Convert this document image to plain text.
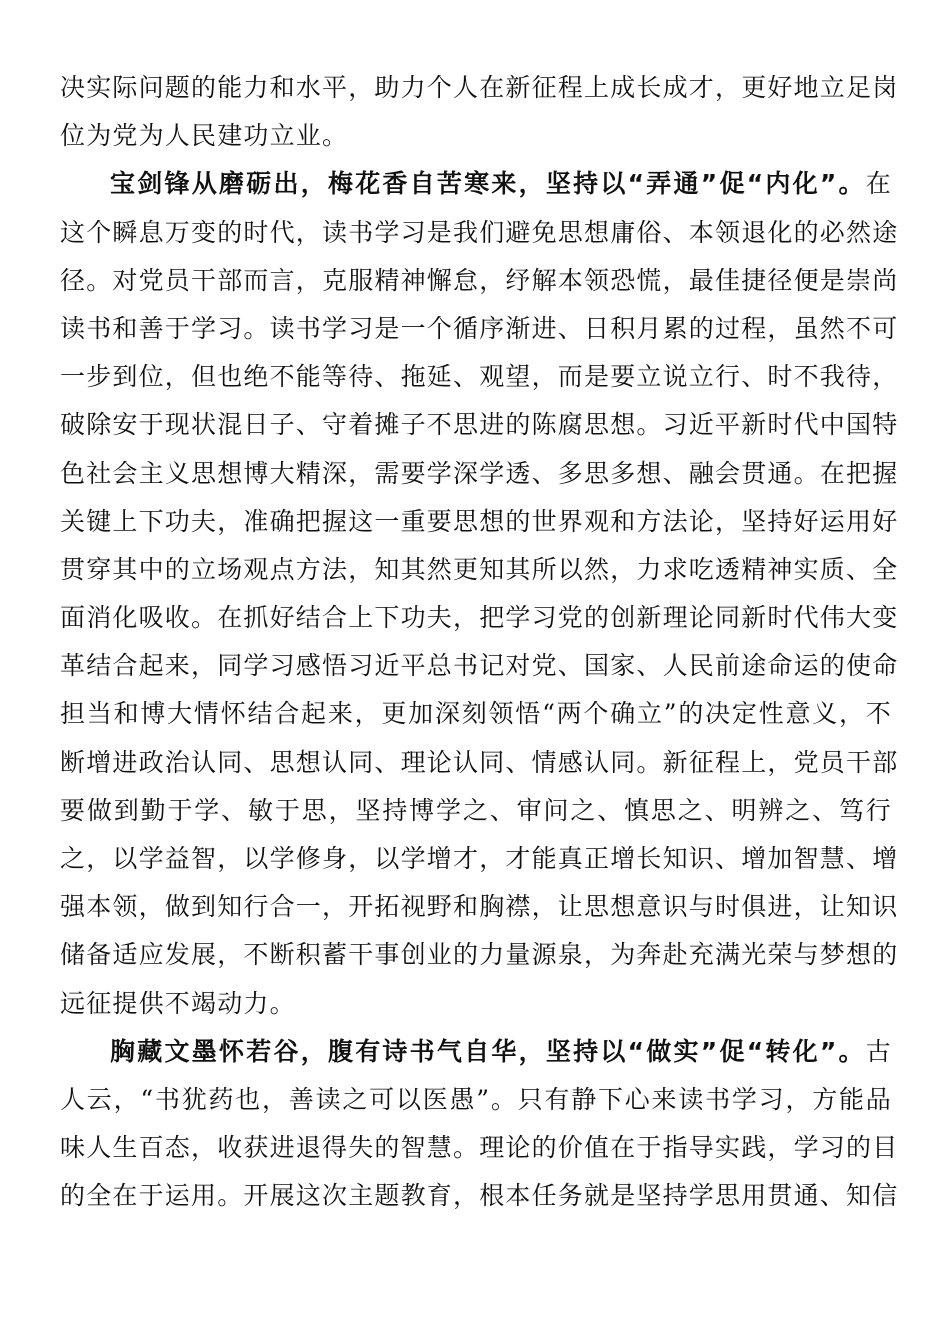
决实际问题的能力和水平，助力个人在新征程上成长成才，更好地立足岗
位为党为人民建功立业。
宝剑锋从磨砺出，梅花香自苦寒来，坚持以“弄通”促“内化”。在
这个瞬息万变的时代，读书学习是我们避免思想庸俗、本领退化的必然途
径。对党员干部而言，克服精神懈怠，纾解本领恐慌，最佳捷径便是崇尚
读书和善于学习。读书学习是一个循序渐进、日积月累的过程，虽然不可
一步到位，但也绝不能等待、拖延、观望，而是要立说立行、时不我待，
破除安于现状混日子、守着摊子不思进的陈腐思想。习近平新时代中国特
色社会主义思想博大精深，需要学深学透、多思多想、融会贯通。在把握
关键上下功夫，准确把握这一重要思想的世界观和方法论，坚持好运用好
贯穿其中的立场观点方法，知其然更知其所以然，力求吃透精神实质、全
面消化吸收。在抓好结合上下功夫，把学习党的创新理论同新时代伟大变
革结合起来，同学习感悟习近平总书记对党、国家、人民前途命运的使命
担当和博大情怀结合起来，更加深刻领悟“两个确立”的决定性意义，不
断增进政治认同、思想认同、理论认同、情感认同。新征程上，党员干部
要做到勤于学、敏于思，坚持博学之、审问之、慎思之、明辨之、笃行
之，以学益智，以学修身，以学增才，才能真正增长知识、增加智慧、增
强本领，做到知行合一，开拓视野和胸襟，让思想意识与时俱进，让知识
储备适应发展，不断积蓄干事创业的力量源泉，为奔赴充满光荣与梦想的
远征提供不竭动力。
胸藏文墨怀若谷，腹有诗书气自华，坚持以“做实”促“转化”。古
人云，“书犹药也，善读之可以医愚”。只有静下心来读书学习，方能品
味人生百态，收获进退得失的智慧。理论的价值在于指导实践，学习的目
的全在于运用。开展这次主题教育，根本任务就是坚持学思用贯通、知信
